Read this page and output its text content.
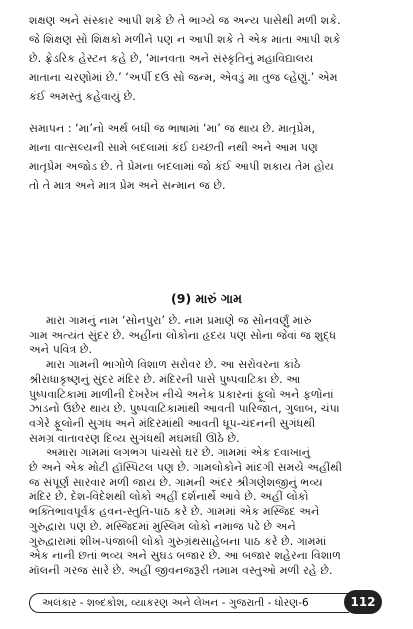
શક્ષણ અને સંસ્કાર આપી શકે છે તે ભાગ્યે જ અન્ય પાસેથી મળી શકે.
જે શિક્ષણ સો શિક્ષકો મળીને પણ ન આપી શકે તે એક માતા આપી શકે
છે. ફ્રેડરિક હેસ્ટન કહે છે, ‘માનવતા અને સંસ્કૃતિનું મહાવિદ્યાલય
માતાના ચરણોમાં છે.’ ‘અર્પી દઉં સો જન્મ, એવડું મા તુજ લ્હેણું.’ એમ
કંઈ અમસ્તું કહેવાયું છે.
સમાપન : ‘મા’નો અર્થ બધી જ ભાષામાં ‘મા’ જ થાય છે. માતૃપ્રેમ,
માના વાત્સલ્યની સામે બદલામાં કંઈ ઇચ્છતી નથી અને આમ પણ
માતૃપ્રેમ અજોડ છે. તે પ્રેમના બદલામાં જો કંઈ આપી શકાય તેમ હોય
તો તે માત્ર અને માત્ર પ્રેમ અને સન્માન જ છે.
(9) મારું ગામ
અલંકાર - શબ્દકોશ, વ્યાકરણ અને લેખન - ગુજરાતી - ધોરણ-6	112
મારા ગામનું નામ ‘સોનપુરા’ છે. નામ પ્રમાણે જ સોનવર્ણું મારું
ગામ અત્યંત સુંદર છે. અહીંના લોકોના હૃદય પણ સોના જેવાં જ શુદ્ધ
અને પવિત્ર છે.
મારા ગામની ભાગોળે વિશાળ સરોવર છે. આ સરોવરના કાંઠે
શ્રીરાધાકૃષ્ણનું સુંદર મંદિર છે. મંદિરની પાસે પુષ્પવાટિકા છે. આ
પુષ્પવાટિકામાં માળીની દેખરેખ નીચે અનેક પ્રકારનાં ફૂલો અને ફળોનાં
ઝાડનો ઉછેર થાય છે. પુષ્પવાટિકામાંથી આવતી પારિજાત, ગુલાબ, ચંપા
વગેરે ફૂલોની સુગંધ અને મંદિરમાંથી આવતી ધૂપ-ચંદનની સુગંધથી
સમગ્ર વાતાવરણ દિવ્ય સુગંધથી મઘમઘી ઊઠે છે.
અમારા ગામમાં લગભગ પાંચસો ઘર છે. ગામમાં એક દવાખાનું
છે અને એક મોટી હૉસ્પિટલ પણ છે. ગામલોકોને માંદગી સમયે અહીંથી
જ સંપૂર્ણ સારવાર મળી જાય છે. ગામની અંદર શ્રીગણેશજીનું ભવ્ય
મંદિર છે. દેશ-વિદેશથી લોકો અહીં દર્શનાર્થે આવે છે. અહીં લોકો
ભક્તિભાવપૂર્વક હવન-સ્તુતિ-પાઠ કરે છે. ગામમાં એક મસ્જિદ અને
ગુરુદ્વારા પણ છે. મસ્જિદમાં મુસ્લિમ લોકો નમાજ પઢે છે અને
ગુરુદ્વારામાં શીખ-પંજાબી લોકો ગુરુગ્રંથસાહેબના પાઠ કરે છે. ગામમાં
એક નાની છતાં ભવ્ય અને સુઘડ બજાર છે. આ બજાર શહેરના વિશાળ
મૉલની ગરજ સારે છે. અહીં જીવનજરૂરી તમામ વસ્તુઓ મળી રહે છે.
